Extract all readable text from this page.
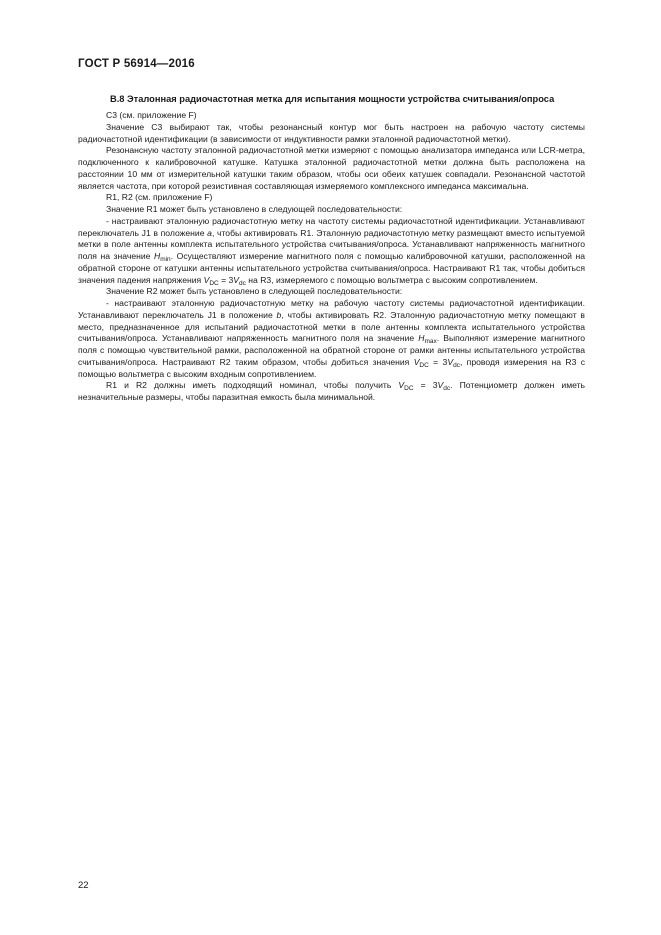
ГОСТ Р 56914—2016
B.8 Эталонная радиочастотная метка для испытания мощности устройства считывания/опроса

C3 (см. приложение F)

Значение C3 выбирают так, чтобы резонансный контур мог быть настроен на рабочую частоту системы радиочастотной идентификации (в зависимости от индуктивности рамки эталонной радиочастотной метки).

Резонансную частоту эталонной радиочастотной метки измеряют с помощью анализатора импеданса или LCR-метра, подключенного к калибровочной катушке. Катушка эталонной радиочастотной метки должна быть расположена на расстоянии 10 мм от измерительной катушки таким образом, чтобы оси обеих катушек совпадали. Резонансной частотой является частота, при которой резистивная составляющая измеряемого комплексного импеданса максимальна.

R1, R2 (см. приложение F)

Значение R1 может быть установлено в следующей последовательности:

- настраивают эталонную радиочастотную метку на частоту системы радиочастотной идентификации. Устанавливают переключатель J1 в положение a, чтобы активировать R1. Эталонную радиочастотную метку размещают вместо испытуемой метки в поле антенны комплекта испытательного устройства считывания/опроса. Устанавливают напряженность магнитного поля на значение $H_{min}$. Осуществляют измерение магнитного поля с помощью калибровочной катушки, расположенной на обратной стороне от катушки антенны испытательного устройства считывания/опроса. Настраивают R1 так, чтобы добиться значения падения напряжения $V_{DC} = 3V_{dc}$ на R3, измеряемого с помощью вольтметра с высоким сопротивлением.

Значение R2 может быть установлено в следующей последовательности:

- настраивают эталонную радиочастотную метку на рабочую частоту системы радиочастотной идентификации. Устанавливают переключатель J1 в положение b, чтобы активировать R2. Эталонную радиочастотную метку помещают в место, предназначенное для испытаний радиочастотной метки в поле антенны комплекта испытательного устройства считывания/опроса. Устанавливают напряженность магнитного поля на значение $H_{max}$. Выполняют измерение магнитного поля с помощью чувствительной рамки, расположенной на обратной стороне от рамки антенны испытательного устройства считывания/опроса. Настраивают R2 таким образом, чтобы добиться значения $V_{DC} = 3V_{dc}$, проводя измерения на R3 с помощью вольтметра с высоким входным сопротивлением.

R1 и R2 должны иметь подходящий номинал, чтобы получить $V_{DC} = 3V_{dc}$. Потенциометр должен иметь незначительные размеры, чтобы паразитная емкость была минимальной.

22
